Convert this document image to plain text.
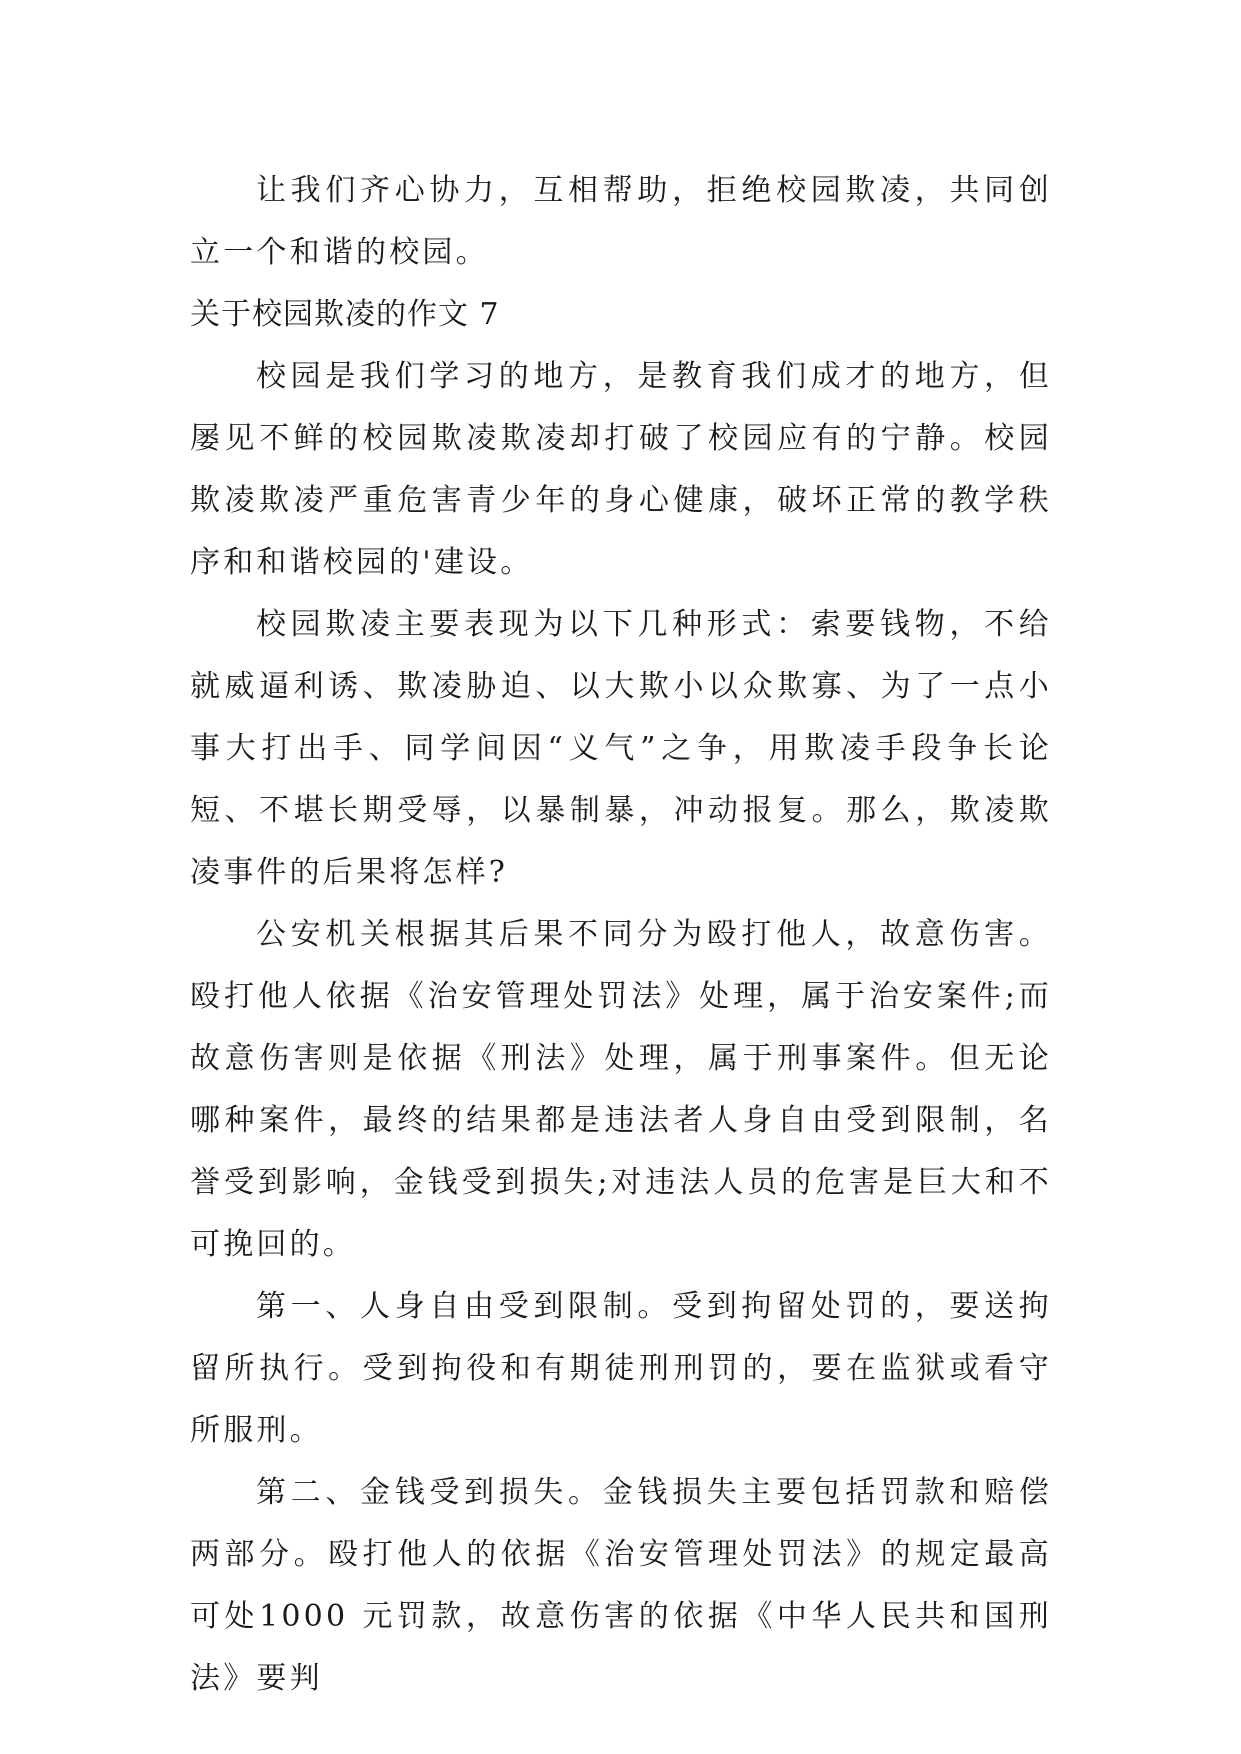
让我们齐心协力，互相帮助，拒绝校园欺凌，共同创立一个和谐的校园。

关于校园欺凌的作文 7

校园是我们学习的地方，是教育我们成才的地方，但屡见不鲜的校园欺凌欺凌却打破了校园应有的宁静。校园欺凌欺凌严重危害青少年的身心健康，破坏正常的教学秩序和和谐校园的'建设。

校园欺凌主要表现为以下几种形式：索要钱物，不给就威逼利诱、欺凌胁迫、以大欺小以众欺寡、为了一点小事大打出手、同学间因“义气”之争，用欺凌手段争长论短、不堪长期受辱，以暴制暴，冲动报复。那么，欺凌欺凌事件的后果将怎样?

公安机关根据其后果不同分为殴打他人，故意伤害。殴打他人依据《治安管理处罚法》处理，属于治安案件;而故意伤害则是依据《刑法》处理，属于刑事案件。但无论哪种案件，最终的结果都是违法者人身自由受到限制，名誉受到影响，金钱受到损失;对违法人员的危害是巨大和不可挽回的。

第一、人身自由受到限制。受到拘留处罚的，要送拘留所执行。受到拘役和有期徒刑刑罚的，要在监狱或看守所服刑。

第二、金钱受到损失。金钱损失主要包括罚款和赔偿两部分。殴打他人的依据《治安管理处罚法》的规定最高可处1000 元罚款，故意伤害的依据《中华人民共和国刑法》要判
